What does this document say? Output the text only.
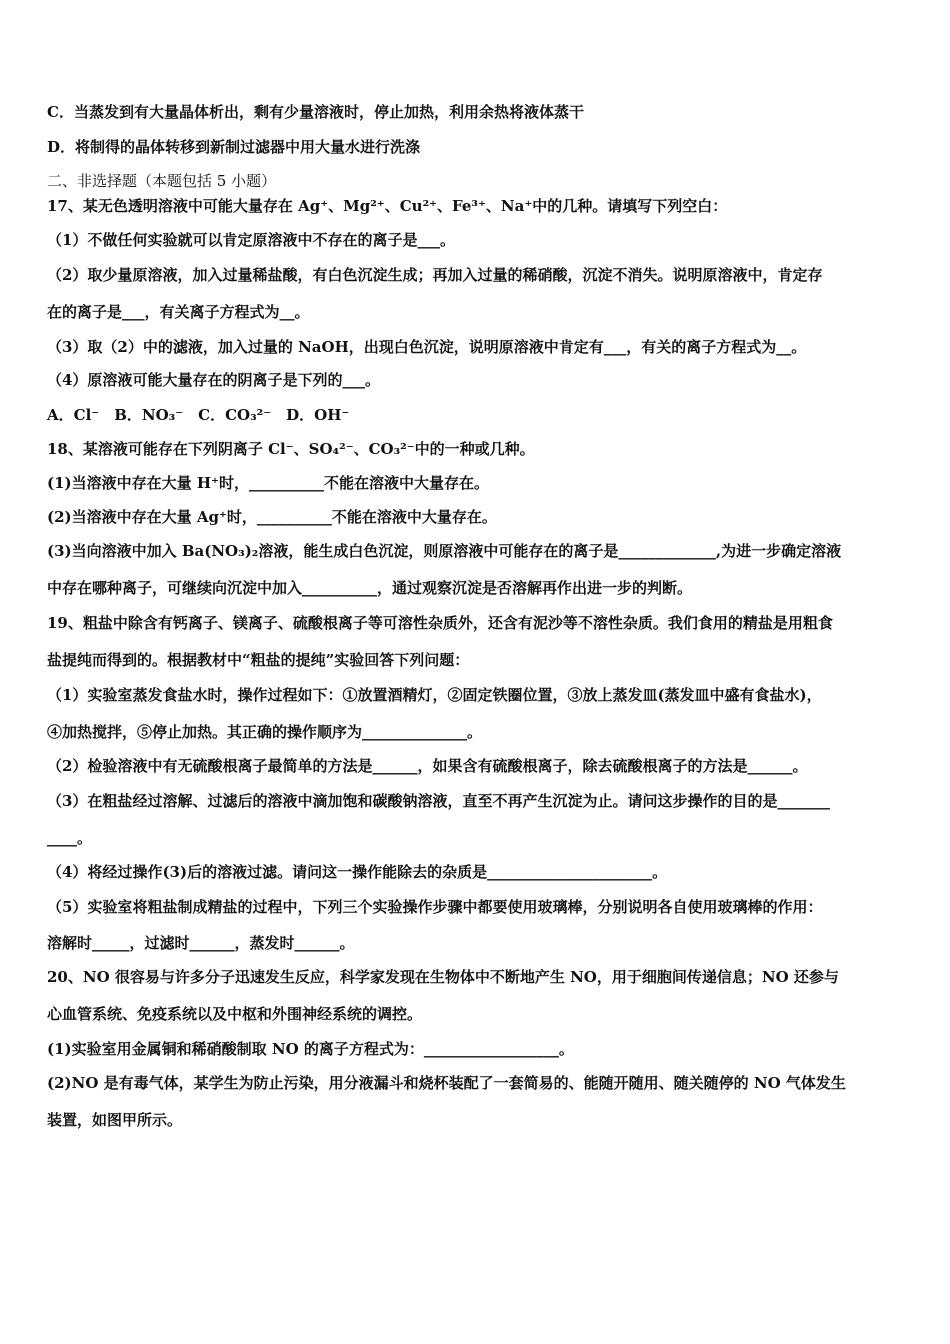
C．当蒸发到有大量晶体析出，剩有少量溶液时，停止加热，利用余热将液体蒸干
D．将制得的晶体转移到新制过滤器中用大量水进行洗涤
二、非选择题（本题包括 5 小题）
17、某无色透明溶液中可能大量存在 Ag⁺、Mg²⁺、Cu²⁺、Fe³⁺、Na⁺中的几种。请填写下列空白：
（1）不做任何实验就可以肯定原溶液中不存在的离子是___。
（2）取少量原溶液，加入过量稀盐酸，有白色沉淀生成；再加入过量的稀硝酸，沉淀不消失。说明原溶液中，肯定存
在的离子是___，有关离子方程式为__。
（3）取（2）中的滤液，加入过量的 NaOH，出现白色沉淀，说明原溶液中肯定有___，有关的离子方程式为__。
（4）原溶液可能大量存在的阴离子是下列的___。
A．Cl⁻　B．NO₃⁻　C．CO₃²⁻　D．OH⁻
18、某溶液可能存在下列阴离子 Cl⁻、SO₄²⁻、CO₃²⁻中的一种或几种。
(1)当溶液中存在大量 H⁺时，__________不能在溶液中大量存在。
(2)当溶液中存在大量 Ag⁺时，__________不能在溶液中大量存在。
(3)当向溶液中加入 Ba(NO₃)₂溶液，能生成白色沉淀，则原溶液中可能存在的离子是_____________,为进一步确定溶液
中存在哪种离子，可继续向沉淀中加入__________，通过观察沉淀是否溶解再作出进一步的判断。
19、粗盐中除含有钙离子、镁离子、硫酸根离子等可溶性杂质外，还含有泥沙等不溶性杂质。我们食用的精盐是用粗食
盐提纯而得到的。根据教材中“粗盐的提纯”实验回答下列问题：
（1）实验室蒸发食盐水时，操作过程如下：①放置酒精灯，②固定铁圈位置，③放上蒸发皿(蒸发皿中盛有食盐水)，
④加热搅拌，⑤停止加热。其正确的操作顺序为______________。
（2）检验溶液中有无硫酸根离子最简单的方法是______，如果含有硫酸根离子，除去硫酸根离子的方法是______。
（3）在粗盐经过溶解、过滤后的溶液中滴加饱和碳酸钠溶液，直至不再产生沉淀为止。请问这步操作的目的是_______
____。
（4）将经过操作(3)后的溶液过滤。请问这一操作能除去的杂质是______________________。
（5）实验室将粗盐制成精盐的过程中，下列三个实验操作步骤中都要使用玻璃棒，分别说明各自使用玻璃棒的作用：
溶解时_____，过滤时______，蒸发时______。
20、NO 很容易与许多分子迅速发生反应，科学家发现在生物体中不断地产生 NO，用于细胞间传递信息；NO 还参与
心血管系统、免疫系统以及中枢和外围神经系统的调控。
(1)实验室用金属铜和稀硝酸制取 NO 的离子方程式为：__________________。
(2)NO 是有毒气体，某学生为防止污染，用分液漏斗和烧杯装配了一套简易的、能随开随用、随关随停的 NO 气体发生
装置，如图甲所示。
